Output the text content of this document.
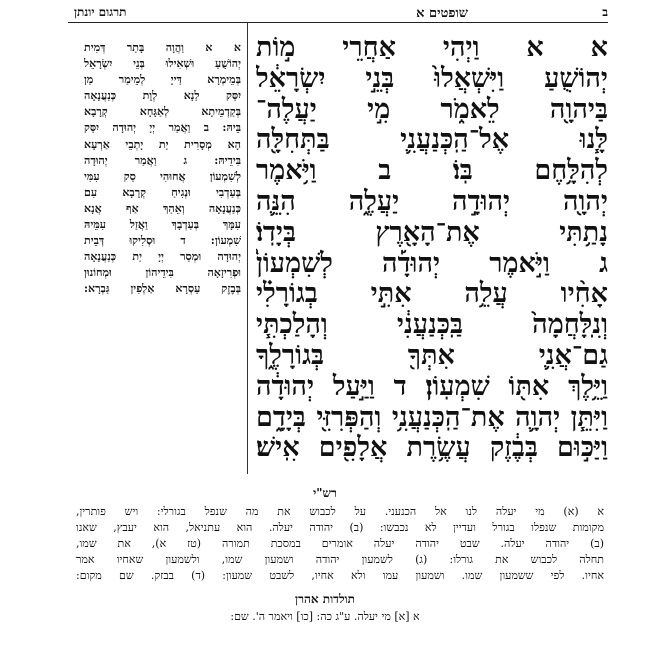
ב
שופטים א
תרגום יונתן
א א וַיְהִי אַחֲרֵי מ֣וֹת
יְהוֹשֻׁעַ וַיִּשְׁאֲלוּ֙ בְּנֵ֣י יִשְׂרָאֵ֔ל
בַּיהוָ֖ה לֵאמֹ֑ר מִ֣י יַעֲלֶה־
לָּ֧נוּ אֶל־הַֽכְּנַעֲנִ֛י בַּתְּחִלָּ֖ה
לְהִלָּ֥חֶם בּֽוֹ׃ ב וַיֹּ֥אמֶר
יְהוָ֖ה יְהוּדָ֣ה יַעֲלֶ֑ה הִנֵּ֛ה
נָתַ֥תִּי אֶת־הָאָ֖רֶץ בְּיָדֽוֹ׃
ג וַיֹּ֣אמֶר יְהוּדָ֡ה לְשִׁמְעוֹן֩
אָחִ֨יו עֲלֵ֥ה אִתִּ֣י בְגוֹרָלִ֗י
וְנִֽלָּחֲמָה֙ בַּֽכְּנַעֲנִ֔י וְהָלַכְתִּ֧י
גַם־אֲנִ֛י אִתְּךָ֖ בְּגוֹרָלֶ֑ךָ
וַיֵּ֥לֶךְ אִתּ֖וֹ שִׁמְעֽוֹן׃ ד וַיַּ֣עַל יְהוּדָ֔ה
וַיִּתֵּ֧ן יְהוָ֛ה אֶת־הַֽכְּנַעֲנִ֥י וְהַפְּרִזִּ֖י בְּיָדָ֑ם
וַיַּכּ֣וּם בְּבֶ֔זֶק עֲשֶׂ֥רֶת אֲלָפִ֖ים אִֽישׁ׃
א א וַהֲוָה בָּתַר דְּמִית
יְהוֹשֻׁעַ וּשְׁאִילוּ בְּנֵי יִשְׂרָאֵל
בְּמֵימְרָא דַּייָ לְמֵימַר מַן
יִסַּק לַנָא לְוָת כְּנַעֲנָאָה
בְּקַדְמֵיתָא לְאַגָּחָא קְרָבָא
בֵּיהּ: ב וַאֲמַר יְיָ יְהוּדָה יִסַּק
הָא מְסָרִית יַת יָתְבֵי אַרְעָא
בִּידֵיהּ: ג וַאֲמַר יְהוּדָה
לְשִׁמְעוֹן אֲחוּהִי סַק עִמִּי
בְּעַדְבִי וּנְגִיחַ קְרָבָא עִם
כְּנַעֲנָאָה וְאֵהַךְ אַף אֲנָא
עִמָּךְ בְּעַדְבָךְ וַאֲזַל עִמֵּיהּ
שִׁמְעוֹן: ד וּסְלִיקוּ דְּבֵית
יְהוּדָה וּמְסַר יְיָ יַת כְּנַעֲנָאָה
וּפְרִיזָאָה בִּידֵיהוֹן וּמְחוֹנוּן
בְּבֶזֶק עַסְרָא אַלְפִין גַּבְרָא:
רש"י
א (א) מי יעלה לנו אל הכנעני. על לכבוש את מה שנפל בגורלי: ויש פותרין,
מקומות שנפלו בגורל ועדיין לא נכבשו: (ב) יהודה יעלה. הוא עתניאל, הוא יעבץ, שאנו
(ב) יהודה יעלה. שבט יהודה יעלה אומרים במסכת תמורה (טז א), את שמו,
תחלה לכבוש את גורלו: (ג) לשמעון יהודה ושמעון שמו, ולשמעון שאחיו אמר
אחיו. לפי ששמעון שמו. ושמעון עמו ולא אחיו, לשבט שמעון: (ד) בבזק. שם מקום:
תולדות אהרן
א [א] מי יעלה. ע"ג כה: [כו] ויאמר ה'. שם:
